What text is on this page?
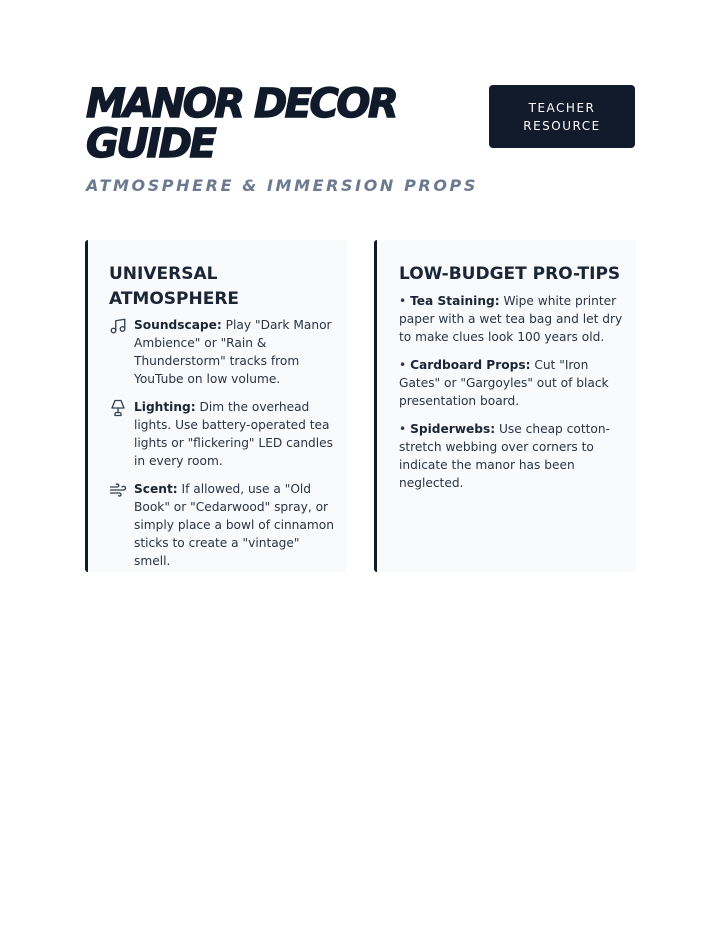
MANOR DECOR GUIDE

ATMOSPHERE & IMMERSION PROPS

TEACHER
RESOURCE
UNIVERSAL ATMOSPHERE
Soundscape: Play "Dark Manor Ambience" or "Rain & Thunderstorm" tracks from YouTube on low volume.
Lighting: Dim the overhead lights. Use battery-operated tea lights or "flickering" LED candles in every room.
Scent: If allowed, use a "Old Book" or "Cedarwood" spray, or simply place a bowl of cinnamon sticks to create a "vintage" smell.
LOW-BUDGET PRO-TIPS
• Tea Staining: Wipe white printer paper with a wet tea bag and let dry to make clues look 100 years old.
• Cardboard Props: Cut "Iron Gates" or "Gargoyles" out of black presentation board.
• Spiderwebs: Use cheap cotton-stretch webbing over corners to indicate the manor has been neglected.
